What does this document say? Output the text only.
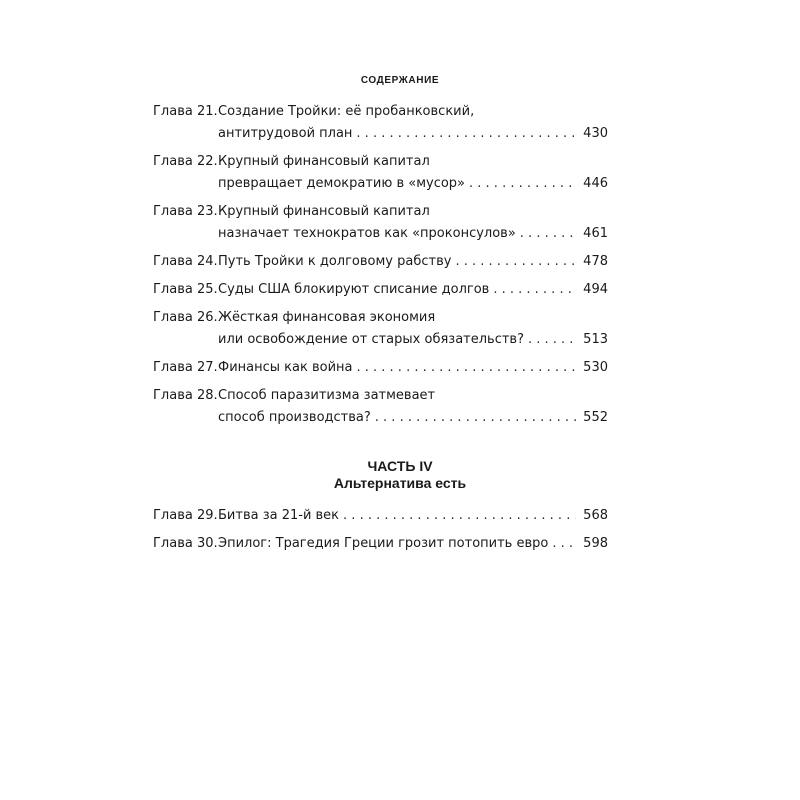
СОДЕРЖАНИЕ
Глава 21. Создание Тройки: её пробанковский,
антитрудовой план . . .	430
Глава 22. Крупный финансовый капитал
превращает демократию в «мусор» . . .	446
Глава 23. Крупный финансовый капитал
назначает технократов как «проконсулов» . . .	461
Глава 24. Путь Тройки к долговому рабству . . .	478
Глава 25. Суды США блокируют списание долгов . . .	494
Глава 26. Жёсткая финансовая экономия
или освобождение от старых обязательств? . . .	513
Глава 27. Финансы как война . . .	530
Глава 28. Способ паразитизма затмевает
способ производства? . . .	552
ЧАСТЬ IV
Альтернатива есть
Глава 29. Битва за 21-й век . . .	568
Глава 30. Эпилог: Трагедия Греции грозит потопить евро . . .	598
